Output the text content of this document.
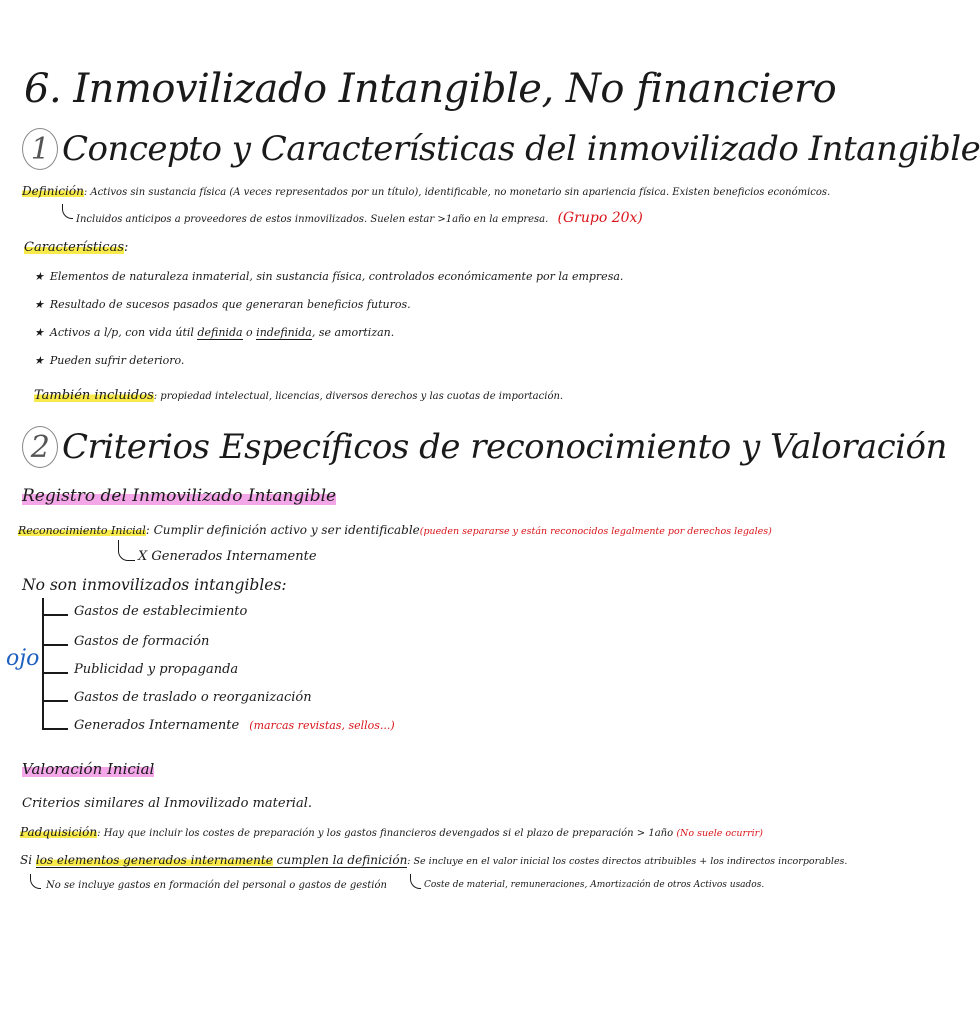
6. Inmovilizado Intangible, No financiero
1 Concepto y Características del inmovilizado Intangible
Definición: Activos sin sustancia física (A veces representados por un título), identificable, no monetario sin apariencia física. Existen beneficios económicos.
Incluidos anticipos a proveedores de estos inmovilizados. Suelen estar >1año en la empresa. (Grupo 20x)
Características:
★ Elementos de naturaleza inmaterial, sin sustancia física, controlados económicamente por la empresa.
★ Resultado de sucesos pasados que generaran beneficios futuros.
★ Activos a l/p, con vida útil definida o indefinida, se amortizan.
★ Pueden sufrir deterioro.
También incluidos: propiedad intelectual, licencias, diversos derechos y las cuotas de importación.
2 Criterios Específicos de reconocimiento y Valoración
Registro del Inmovilizado Intangible
Reconocimiento Inicial: Cumplir definición activo y ser identificable(pueden separarse y están reconocidos legalmente por derechos legales)
X Generados Internamente
No son inmovilizados intangibles:
Gastos de establecimiento
Gastos de formación
Publicidad y propaganda
Gastos de traslado o reorganización
Generados Internamente (marcas revistas, sellos...)
ojo
Valoración Inicial
Criterios similares al Inmovilizado material.
Padquisición: Hay que incluir los costes de preparación y los gastos financieros devengados si el plazo de preparación > 1año (No suele ocurrir)
Si los elementos generados internamente cumplen la definición: Se incluye en el valor inicial los costes directos atribuibles + los indirectos incorporables.
No se incluye gastos en formación del personal o gastos de gestión	Coste de material, remuneraciones, Amortización de otros Activos usados.
